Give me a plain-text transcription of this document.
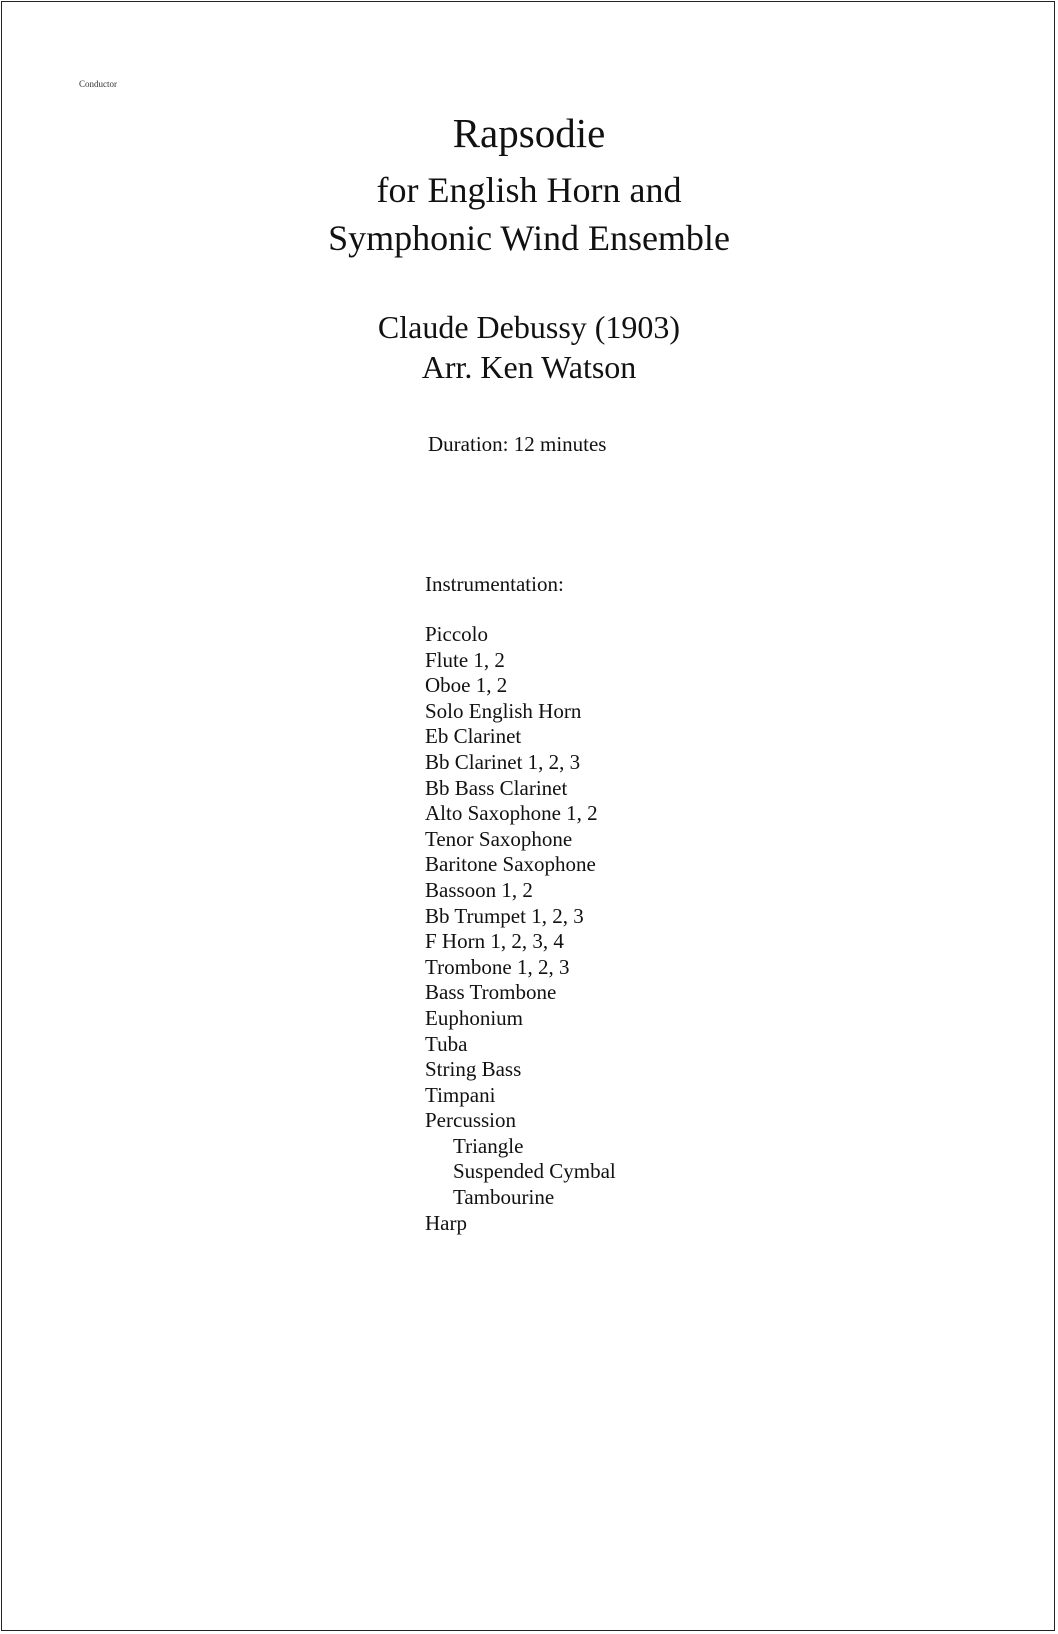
Conductor
Rapsodie
for English Horn and
Symphonic Wind Ensemble
Claude Debussy (1903)
Arr. Ken Watson
Duration: 12 minutes
Instrumentation:
Piccolo
Flute 1, 2
Oboe 1, 2
Solo English Horn
Eb Clarinet
Bb Clarinet 1, 2, 3
Bb Bass Clarinet
Alto Saxophone 1, 2
Tenor Saxophone
Baritone Saxophone
Bassoon 1, 2
Bb Trumpet 1, 2, 3
F Horn 1, 2, 3, 4
Trombone 1, 2, 3
Bass Trombone
Euphonium
Tuba
String Bass
Timpani
Percussion
Triangle
Suspended Cymbal
Tambourine
Harp
